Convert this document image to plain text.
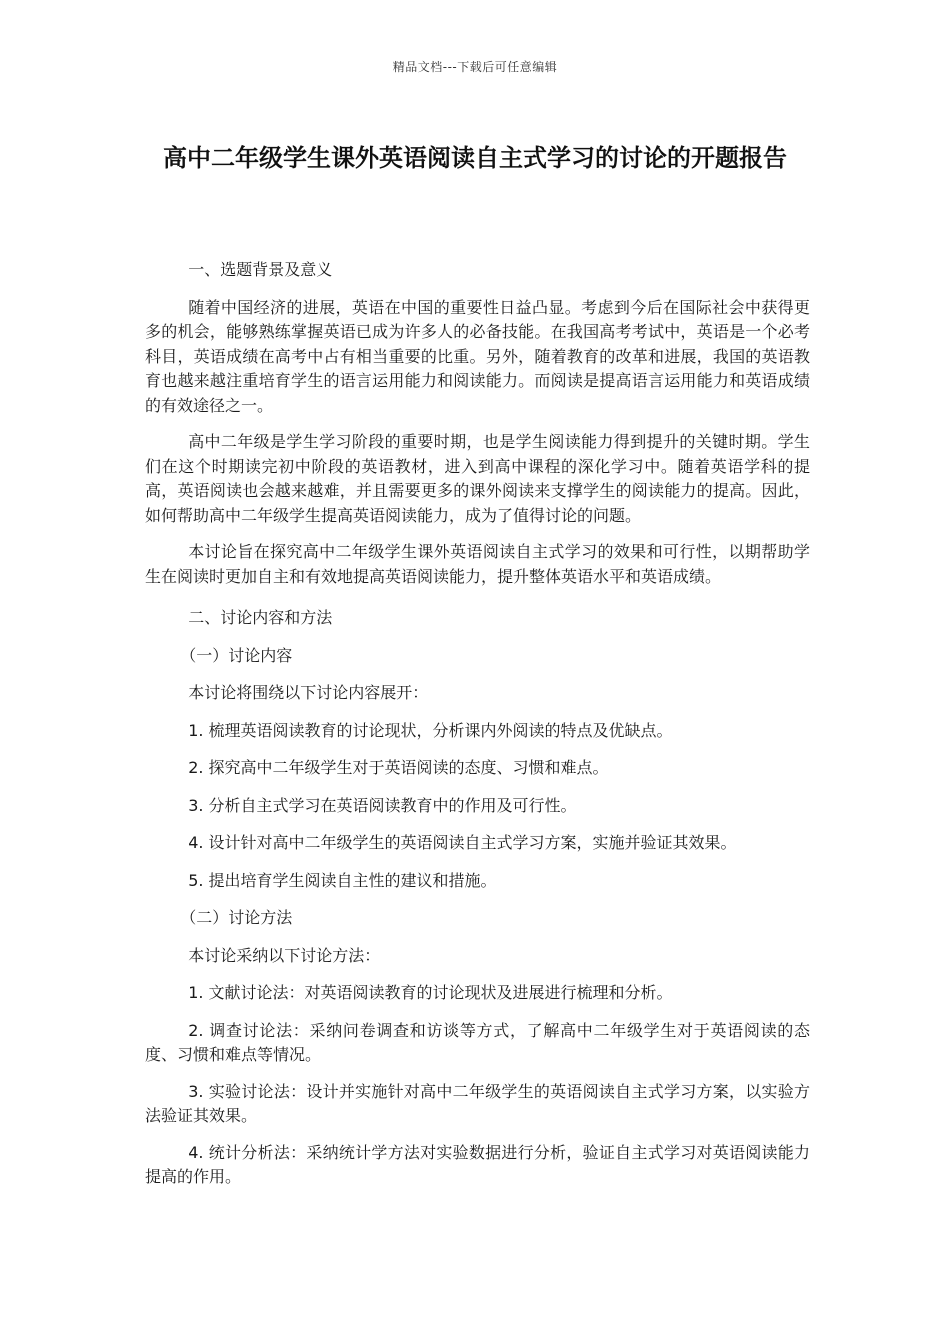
精品文档---下载后可任意编辑
高中二年级学生课外英语阅读自主式学习的讨论的开题报告

一、选题背景及意义

随着中国经济的进展，英语在中国的重要性日益凸显。考虑到今后在国际社会中获得更多的机会，能够熟练掌握英语已成为许多人的必备技能。在我国高考考试中，英语是一个必考科目，英语成绩在高考中占有相当重要的比重。另外，随着教育的改革和进展，我国的英语教育也越来越注重培育学生的语言运用能力和阅读能力。而阅读是提高语言运用能力和英语成绩的有效途径之一。

高中二年级是学生学习阶段的重要时期，也是学生阅读能力得到提升的关键时期。学生们在这个时期读完初中阶段的英语教材，进入到高中课程的深化学习中。随着英语学科的提高，英语阅读也会越来越难，并且需要更多的课外阅读来支撑学生的阅读能力的提高。因此，如何帮助高中二年级学生提高英语阅读能力，成为了值得讨论的问题。

本讨论旨在探究高中二年级学生课外英语阅读自主式学习的效果和可行性，以期帮助学生在阅读时更加自主和有效地提高英语阅读能力，提升整体英语水平和英语成绩。

二、讨论内容和方法

（一）讨论内容

本讨论将围绕以下讨论内容展开：

1. 梳理英语阅读教育的讨论现状，分析课内外阅读的特点及优缺点。

2. 探究高中二年级学生对于英语阅读的态度、习惯和难点。

3. 分析自主式学习在英语阅读教育中的作用及可行性。

4. 设计针对高中二年级学生的英语阅读自主式学习方案，实施并验证其效果。

5. 提出培育学生阅读自主性的建议和措施。

（二）讨论方法

本讨论采纳以下讨论方法：

1. 文献讨论法：对英语阅读教育的讨论现状及进展进行梳理和分析。

2. 调查讨论法：采纳问卷调查和访谈等方式，了解高中二年级学生对于英语阅读的态度、习惯和难点等情况。

3. 实验讨论法：设计并实施针对高中二年级学生的英语阅读自主式学习方案，以实验方法验证其效果。

4. 统计分析法：采纳统计学方法对实验数据进行分析，验证自主式学习对英语阅读能力提高的作用。
